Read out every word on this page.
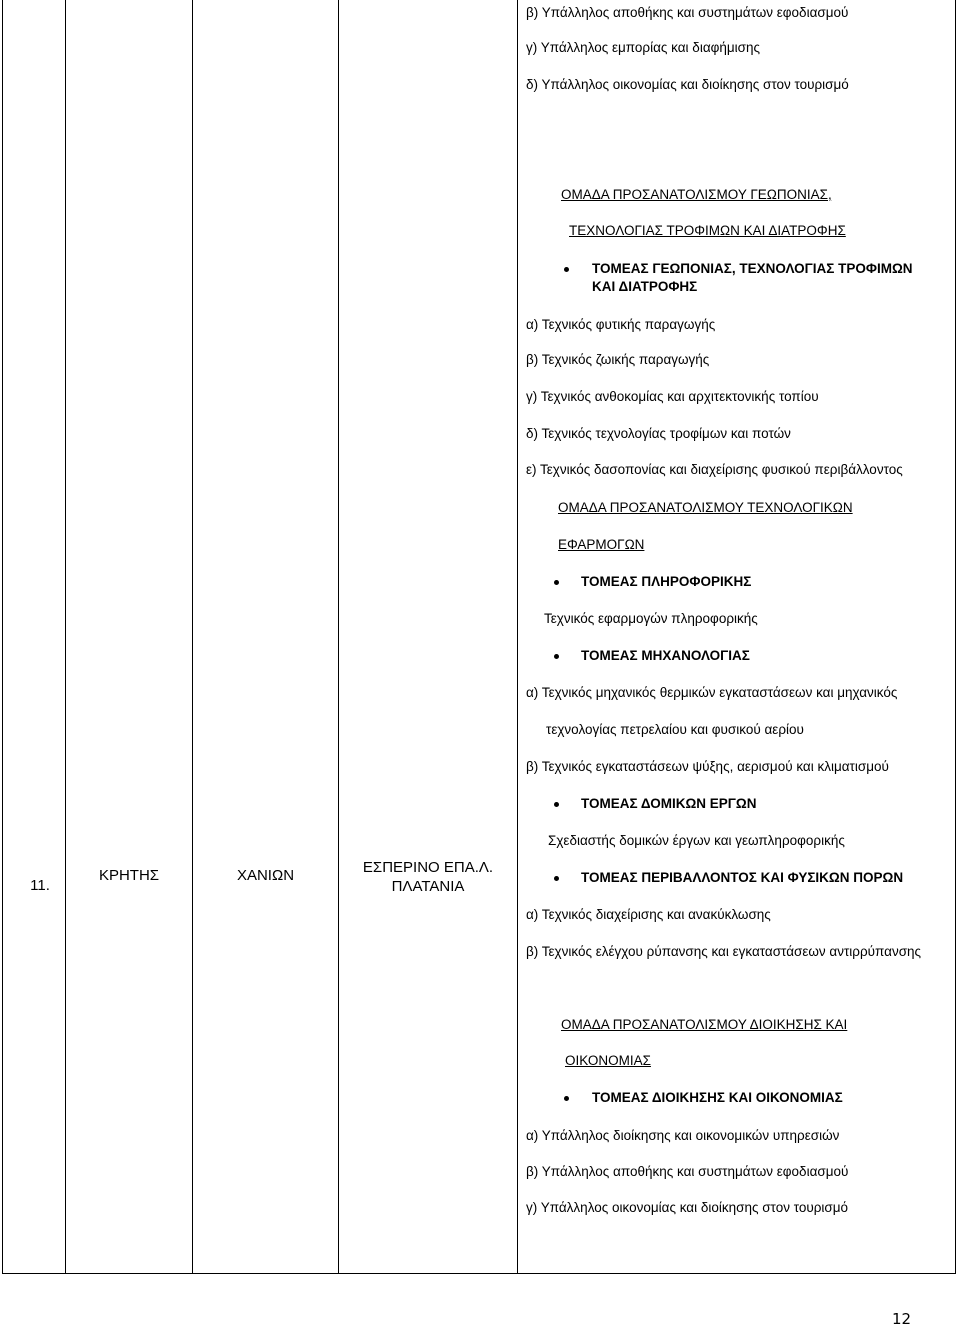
11.
ΚΡΗΤΗΣ	ΧΑΝΙΩΝ	ΕΣΠΕΡΙΝΟ ΕΠΑ.Λ.
ΠΛΑΤΑΝΙΑ
β) Υπάλληλος αποθήκης και συστημάτων εφοδιασμού
γ) Υπάλληλος εμπορίας και διαφήμισης
δ) Υπάλληλος οικονομίας και διοίκησης στον τουρισμό
ΟΜΑΔΑ ΠΡΟΣΑΝΑΤΟΛΙΣΜΟΥ ΓΕΩΠΟΝΙΑΣ,
ΤΕΧΝΟΛΟΓΙΑΣ ΤΡΟΦΙΜΩΝ ΚΑΙ ΔΙΑΤΡΟΦΗΣ
ΤΟΜΕΑΣ ΓΕΩΠΟΝΙΑΣ, ΤΕΧΝΟΛΟΓΙΑΣ ΤΡΟΦΙΜΩΝ
ΚΑΙ ΔΙΑΤΡΟΦΗΣ
α) Τεχνικός φυτικής παραγωγής
β) Τεχνικός ζωικής παραγωγής
γ) Τεχνικός ανθοκομίας και αρχιτεκτονικής τοπίου
δ) Τεχνικός τεχνολογίας τροφίμων και ποτών
ε) Τεχνικός δασοπονίας και διαχείρισης φυσικού περιβάλλοντος
ΟΜΑΔΑ ΠΡΟΣΑΝΑΤΟΛΙΣΜΟΥ ΤΕΧΝΟΛΟΓΙΚΩΝ
ΕΦΑΡΜΟΓΩΝ
ΤΟΜΕΑΣ ΠΛΗΡΟΦΟΡΙΚΗΣ
Τεχνικός εφαρμογών πληροφορικής
ΤΟΜΕΑΣ ΜΗΧΑΝΟΛΟΓΙΑΣ
α) Τεχνικός μηχανικός θερμικών εγκαταστάσεων και μηχανικός
τεχνολογίας πετρελαίου και φυσικού αερίου
β) Τεχνικός εγκαταστάσεων ψύξης, αερισμού και κλιματισμού
ΤΟΜΕΑΣ ΔΟΜΙΚΩΝ ΕΡΓΩΝ
Σχεδιαστής δομικών έργων και γεωπληροφορικής
ΤΟΜΕΑΣ ΠΕΡΙΒΑΛΛΟΝΤΟΣ ΚΑΙ ΦΥΣΙΚΩΝ ΠΟΡΩΝ
α) Τεχνικός διαχείρισης και ανακύκλωσης
β) Τεχνικός ελέγχου ρύπανσης και εγκαταστάσεων αντιρρύπανσης
ΟΜΑΔΑ ΠΡΟΣΑΝΑΤΟΛΙΣΜΟΥ ΔΙΟΙΚΗΣΗΣ ΚΑΙ
ΟΙΚΟΝΟΜΙΑΣ
ΤΟΜΕΑΣ ΔΙΟΙΚΗΣΗΣ ΚΑΙ ΟΙΚΟΝΟΜΙΑΣ
α) Υπάλληλος διοίκησης και οικονομικών υπηρεσιών
β) Υπάλληλος αποθήκης και συστημάτων εφοδιασμού
γ) Υπάλληλος οικονομίας και διοίκησης στον τουρισμό
12
